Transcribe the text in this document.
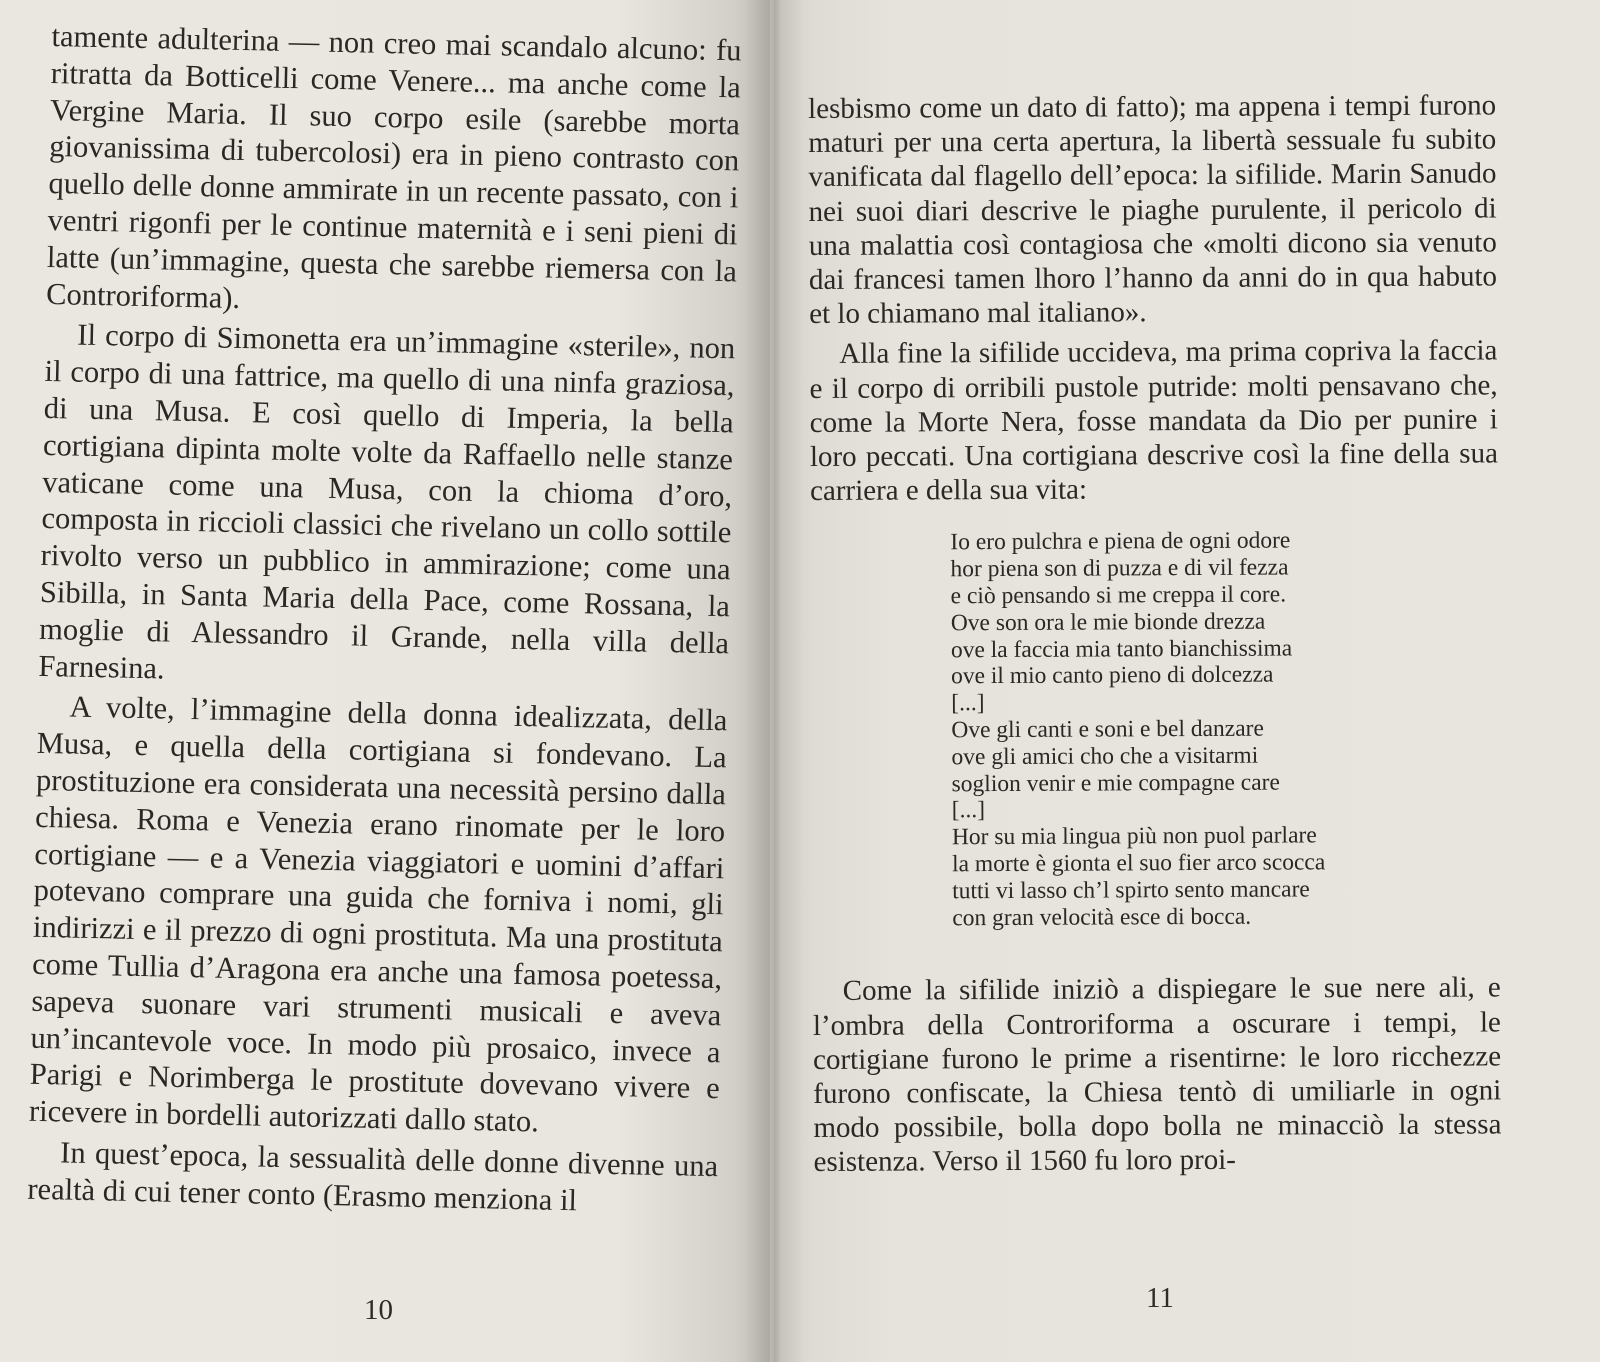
tamente adulterina — non creo mai scandalo alcuno: fu ritratta da Botticelli come Venere... ma anche come la Vergine Maria. Il suo corpo esile (sarebbe morta giovanissima di tubercolosi) era in pieno contrasto con quello delle donne ammirate in un recente passato, con i ventri rigonfi per le continue maternità e i seni pieni di latte (un’immagine, questa che sarebbe riemersa con la Controriforma).

Il corpo di Simonetta era un’immagine «sterile», non il corpo di una fattrice, ma quello di una ninfa graziosa, di una Musa. E così quello di Imperia, la bella cortigiana dipinta molte volte da Raffaello nelle stanze vaticane come una Musa, con la chioma d’oro, composta in riccioli classici che rivelano un collo sottile rivolto verso un pubblico in ammirazione; come una Sibilla, in Santa Maria della Pace, come Rossana, la moglie di Alessandro il Grande, nella villa della Farnesina.

A volte, l’immagine della donna idealizzata, della Musa, e quella della cortigiana si fondevano. La prostituzione era considerata una necessità persino dalla chiesa. Roma e Venezia erano rinomate per le loro cortigiane — e a Venezia viaggiatori e uomini d’affari potevano comprare una guida che forniva i nomi, gli indirizzi e il prezzo di ogni prostituta. Ma una prostituta come Tullia d’Aragona era anche una famosa poetessa, sapeva suonare vari strumenti musicali e aveva un’incantevole voce. In modo più prosaico, invece a Parigi e Norimberga le prostitute dovevano vivere e ricevere in bordelli autorizzati dallo stato.

In quest’epoca, la sessualità delle donne divenne una realtà di cui tener conto (Erasmo menziona il

10

lesbismo come un dato di fatto); ma appena i tempi furono maturi per una certa apertura, la libertà sessuale fu subito vanificata dal flagello dell’epoca: la sifilide. Marin Sanudo nei suoi diari descrive le piaghe purulente, il pericolo di una malattia così contagiosa che «molti dicono sia venuto dai francesi tamen lhoro l’hanno da anni do in qua habuto et lo chiamano mal italiano».

Alla fine la sifilide uccideva, ma prima copriva la faccia e il corpo di orribili pustole putride: molti pensavano che, come la Morte Nera, fosse mandata da Dio per punire i loro peccati. Una cortigiana descrive così la fine della sua carriera e della sua vita:

Io ero pulchra e piena de ogni odore
hor piena son di puzza e di vil fezza
e ciò pensando si me creppa il core.
Ove son ora le mie bionde drezza
ove la faccia mia tanto bianchissima
ove il mio canto pieno di dolcezza
[...]
Ove gli canti e soni e bel danzare
ove gli amici cho che a visitarmi
soglion venir e mie compagne care
[...]
Hor su mia lingua più non puol parlare
la morte è gionta el suo fier arco scocca
tutti vi lasso ch’l spirto sento mancare
con gran velocità esce di bocca.

Come la sifilide iniziò a dispiegare le sue nere ali, e l’ombra della Controriforma a oscurare i tempi, le cortigiane furono le prime a risentirne: le loro ricchezze furono confiscate, la Chiesa tentò di umiliarle in ogni modo possibile, bolla dopo bolla ne minacciò la stessa esistenza. Verso il 1560 fu loro proi-

11
